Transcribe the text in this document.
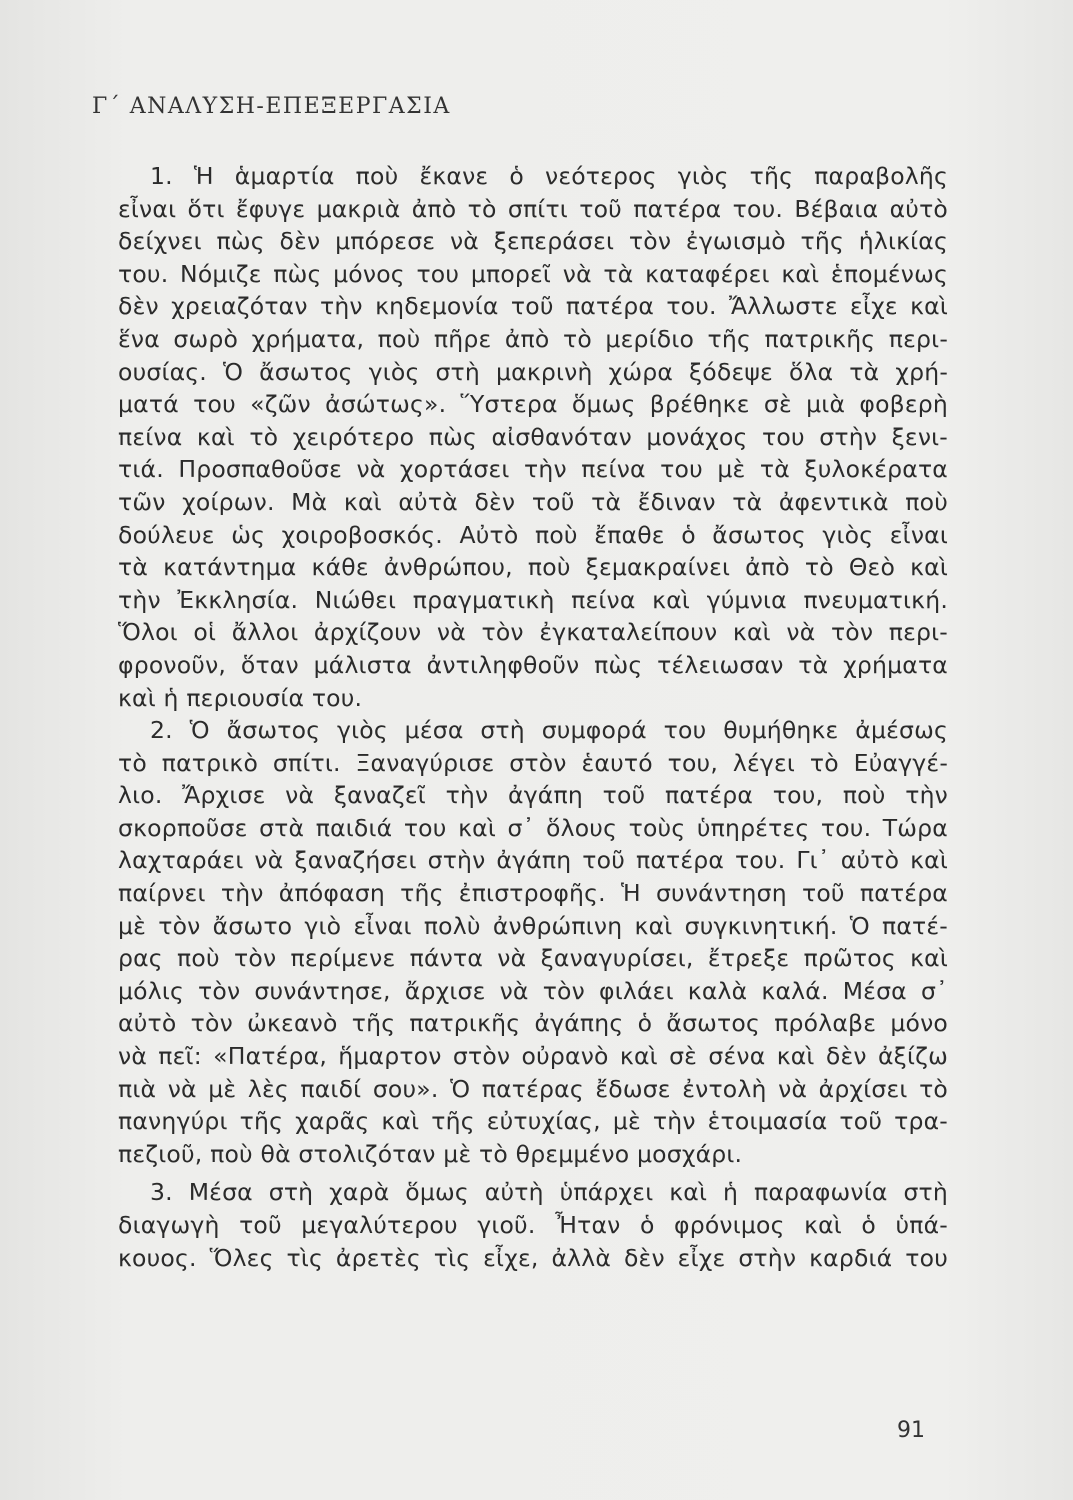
Γ΄ ΑΝΑΛΥΣΗ-ΕΠΕΞΕΡΓΑΣΙΑ
1. Ἡ ἁμαρτία ποὺ ἔκανε ὁ νεότερος γιὸς τῆς παραβολῆς
εἶναι ὅτι ἔφυγε μακριὰ ἀπὸ τὸ σπίτι τοῦ πατέρα του. Βέβαια αὐτὸ
δείχνει πὼς δὲν μπόρεσε νὰ ξεπεράσει τὸν ἐγωισμὸ τῆς ἡλικίας
του. Νόμιζε πὼς μόνος του μπορεῖ νὰ τὰ καταφέρει καὶ ἑπομένως
δὲν χρειαζόταν τὴν κηδεμονία τοῦ πατέρα του. Ἄλλωστε εἶχε καὶ
ἕνα σωρὸ χρήματα, ποὺ πῆρε ἀπὸ τὸ μερίδιο τῆς πατρικῆς περι-
ουσίας. Ὁ ἄσωτος γιὸς στὴ μακρινὴ χώρα ξόδεψε ὅλα τὰ χρή-
ματά του «ζῶν ἀσώτως». Ὕστερα ὅμως βρέθηκε σὲ μιὰ φοβερὴ
πείνα καὶ τὸ χειρότερο πὼς αἰσθανόταν μονάχος του στὴν ξενι-
τιά. Προσπαθοῦσε νὰ χορτάσει τὴν πείνα του μὲ τὰ ξυλοκέρατα
τῶν χοίρων. Μὰ καὶ αὐτὰ δὲν τοῦ τὰ ἔδιναν τὰ ἀφεντικὰ ποὺ
δούλευε ὡς χοιροβοσκός. Αὐτὸ ποὺ ἔπαθε ὁ ἄσωτος γιὸς εἶναι
τὰ κατάντημα κάθε ἀνθρώπου, ποὺ ξεμακραίνει ἀπὸ τὸ Θεὸ καὶ
τὴν Ἐκκλησία. Νιώθει πραγματικὴ πείνα καὶ γύμνια πνευματική.
Ὅλοι οἱ ἄλλοι ἀρχίζουν νὰ τὸν ἐγκαταλείπουν καὶ νὰ τὸν περι-
φρονοῦν, ὅταν μάλιστα ἀντιληφθοῦν πὼς τέλειωσαν τὰ χρήματα
καὶ ἡ περιουσία του.
2. Ὁ ἄσωτος γιὸς μέσα στὴ συμφορά του θυμήθηκε ἀμέσως
τὸ πατρικὸ σπίτι. Ξαναγύρισε στὸν ἑαυτό του, λέγει τὸ Εὐαγγέ-
λιο. Ἄρχισε νὰ ξαναζεῖ τὴν ἀγάπη τοῦ πατέρα του, ποὺ τὴν
σκορποῦσε στὰ παιδιά του καὶ σ᾽ ὅλους τοὺς ὑπηρέτες του. Τώρα
λαχταράει νὰ ξαναζήσει στὴν ἀγάπη τοῦ πατέρα του. Γι᾽ αὐτὸ καὶ
παίρνει τὴν ἀπόφαση τῆς ἐπιστροφῆς. Ἡ συνάντηση τοῦ πατέρα
μὲ τὸν ἄσωτο γιὸ εἶναι πολὺ ἀνθρώπινη καὶ συγκινητική. Ὁ πατέ-
ρας ποὺ τὸν περίμενε πάντα νὰ ξαναγυρίσει, ἔτρεξε πρῶτος καὶ
μόλις τὸν συνάντησε, ἄρχισε νὰ τὸν φιλάει καλὰ καλά. Μέσα σ᾽
αὐτὸ τὸν ὠκεανὸ τῆς πατρικῆς ἀγάπης ὁ ἄσωτος πρόλαβε μόνο
νὰ πεῖ: «Πατέρα, ἥμαρτον στὸν οὐρανὸ καὶ σὲ σένα καὶ δὲν ἀξίζω
πιὰ νὰ μὲ λὲς παιδί σου». Ὁ πατέρας ἔδωσε ἐντολὴ νὰ ἀρχίσει τὸ
πανηγύρι τῆς χαρᾶς καὶ τῆς εὐτυχίας, μὲ τὴν ἑτοιμασία τοῦ τρα-
πεζιοῦ, ποὺ θὰ στολιζόταν μὲ τὸ θρεμμένο μοσχάρι.
3. Μέσα στὴ χαρὰ ὅμως αὐτὴ ὑπάρχει καὶ ἡ παραφωνία στὴ
διαγωγὴ τοῦ μεγαλύτερου γιοῦ. Ἦταν ὁ φρόνιμος καὶ ὁ ὑπά-
κουος. Ὅλες τὶς ἀρετὲς τὶς εἶχε, ἀλλὰ δὲν εἶχε στὴν καρδιά του
91
